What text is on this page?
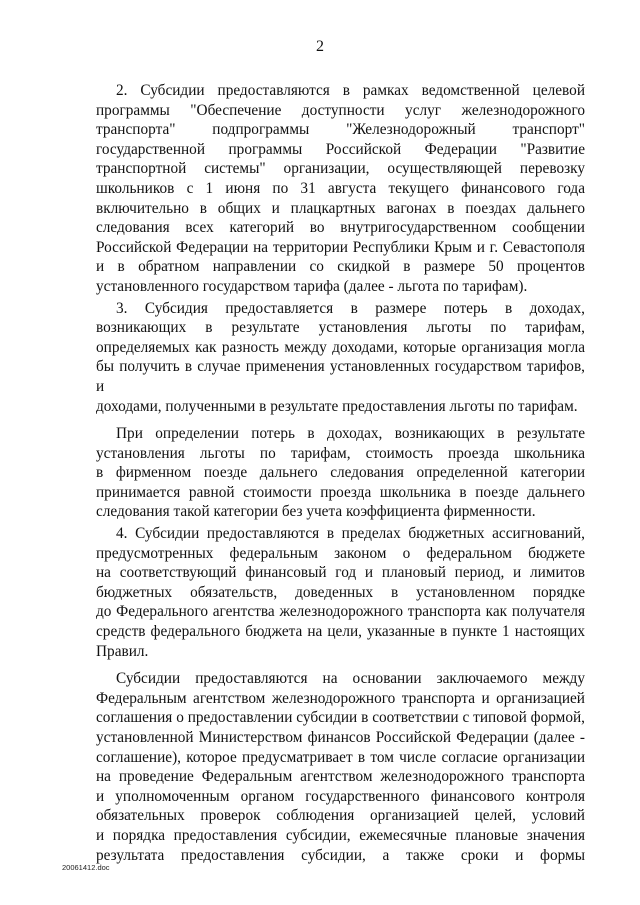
2
2. Субсидии предоставляются в рамках ведомственной целевой
программы "Обеспечение доступности услуг железнодорожного
транспорта" подпрограммы "Железнодорожный транспорт"
государственной программы Российской Федерации "Развитие
транспортной системы" организации, осуществляющей перевозку
школьников с 1 июня по 31 августа текущего финансового года
включительно в общих и плацкартных вагонах в поездах дальнего
следования всех категорий во внутригосударственном сообщении
Российской Федерации на территории Республики Крым и г. Севастополя
и в обратном направлении со скидкой в размере 50 процентов
установленного государством тарифа (далее - льгота по тарифам).
3. Субсидия предоставляется в размере потерь в доходах,
возникающих в результате установления льготы по тарифам,
определяемых как разность между доходами, которые организация могла
бы получить в случае применения установленных государством тарифов, и
доходами, полученными в результате предоставления льготы по тарифам.
При определении потерь в доходах, возникающих в результате
установления льготы по тарифам, стоимость проезда школьника
в фирменном поезде дальнего следования определенной категории
принимается равной стоимости проезда школьника в поезде дальнего
следования такой категории без учета коэффициента фирменности.
4. Субсидии предоставляются в пределах бюджетных ассигнований,
предусмотренных федеральным законом о федеральном бюджете
на соответствующий финансовый год и плановый период, и лимитов
бюджетных обязательств, доведенных в установленном порядке
до Федерального агентства железнодорожного транспорта как получателя
средств федерального бюджета на цели, указанные в пункте 1 настоящих
Правил.
Субсидии предоставляются на основании заключаемого между
Федеральным агентством железнодорожного транспорта и организацией
соглашения о предоставлении субсидии в соответствии с типовой формой,
установленной Министерством финансов Российской Федерации (далее -
соглашение), которое предусматривает в том числе согласие организации
на проведение Федеральным агентством железнодорожного транспорта
и уполномоченным органом государственного финансового контроля
обязательных проверок соблюдения организацией целей, условий
и порядка предоставления субсидии, ежемесячные плановые значения
результата предоставления субсидии, а также сроки и формы
20061412.doc
